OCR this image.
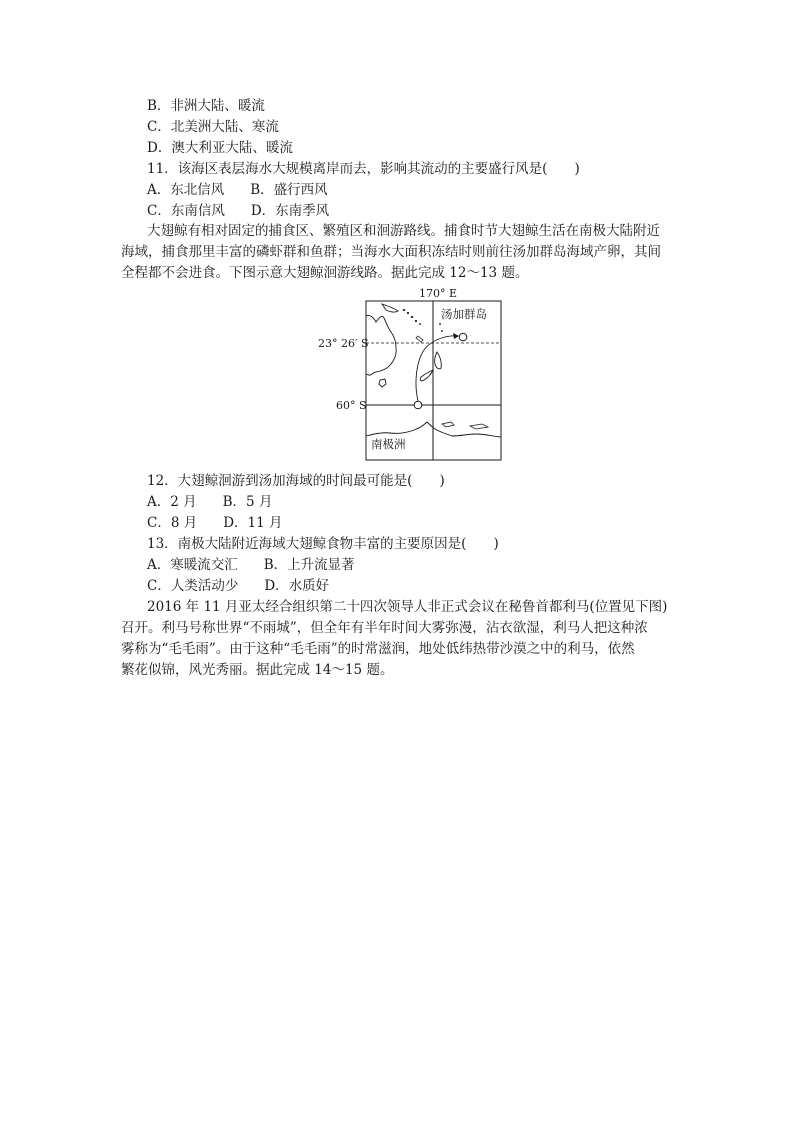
B．非洲大陆、暖流
C．北美洲大陆、寒流
D．澳大利亚大陆、暖流
11．该海区表层海水大规模离岸而去，影响其流动的主要盛行风是(　　)
A．东北信风 B．盛行西风
C．东南信风 D．东南季风
大翅鲸有相对固定的捕食区、繁殖区和洄游路线。捕食时节大翅鲸生活在南极大陆附近
海域，捕食那里丰富的磷虾群和鱼群；当海水大面积冻结时则前往汤加群岛海域产卵，其间
全程都不会进食。下图示意大翅鲸洄游线路。据此完成 12～13 题。
170° E
23° 26′ S
60° S
汤加群岛
南极洲
12．大翅鲸洄游到汤加海域的时间最可能是(　　)
A．2 月 B．5 月
C．8 月 D．11 月
13．南极大陆附近海域大翅鲸食物丰富的主要原因是(　　)
A．寒暖流交汇 B．上升流显著
C．人类活动少 D．水质好
2016 年 11 月亚太经合组织第二十四次领导人非正式会议在秘鲁首都利马(位置见下图)
召开。利马号称世界“不雨城”，但全年有半年时间大雾弥漫，沾衣欲湿，利马人把这种浓
雾称为“毛毛雨”。由于这种“毛毛雨”的时常滋润，地处低纬热带沙漠之中的利马，依然
繁花似锦，风光秀丽。据此完成 14～15 题。
